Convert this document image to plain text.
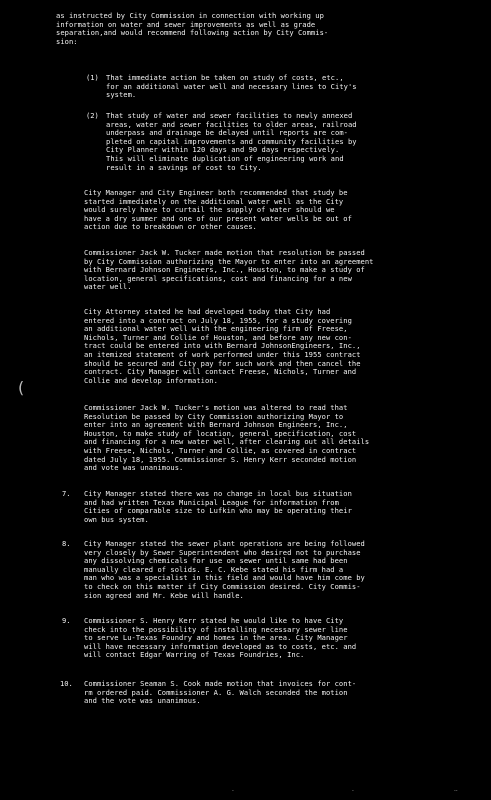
as instructed by City Commission in connection with working up
information on water and sewer improvements as well as grade
separation,and would recommend following action by City Commis-
sion:
(1) That immediate action be taken on study of costs, etc.,
for an additional water well and necessary lines to City's
system.
(2) That study of water and sewer facilities to newly annexed
areas, water and sewer facilities to older areas, railroad
underpass and drainage be delayed until reports are com-
pleted on capital improvements and community facilities by
City Planner within 120 days and 90 days respectively.
This will eliminate duplication of engineering work and
result in a savings of cost to City.
City Manager and City Engineer both recommended that study be
started immediately on the additional water well as the City
would surely have to curtail the supply of water should we
have a dry summer and one of our present water wells be out of
action due to breakdown or other causes.
Commissioner Jack W. Tucker made motion that resolution be passed
by City Commission authorizing the Mayor to enter into an agreement
with Bernard Johnson Engineers, Inc., Houston, to make a study of
location, general specifications, cost and financing for a new
water well.
City Attorney stated he had developed today that City had
entered into a contract on July 18, 1955, for a study covering
an additional water well with the engineering firm of Freese,
Nichols, Turner and Collie of Houston, and before any new con-
tract could be entered into with Bernard JohnsonEngineers, Inc.,
an itemized statement of work performed under this 1955 contract
should be secured and City pay for such work and then cancel the
contract. City Manager will contact Freese, Nichols, Turner and
Collie and develop information.
(
Commissioner Jack W. Tucker's motion was altered to read that
Resolution be passed by City Commission authorizing Mayor to
enter into an agreement with Bernard Johnson Engineers, Inc.,
Houston, to make study of location, general specification, cost
and financing for a new water well, after clearing out all details
with Freese, Nichols, Turner and Collie, as covered in contract
dated July 18, 1955. Commissioner S. Henry Kerr seconded motion
and vote was unanimous.
7. City Manager stated there was no change in local bus situation
and had written Texas Municipal League for information from
Cities of comparable size to Lufkin who may be operating their
own bus system.
8. City Manager stated the sewer plant operations are being followed
very closely by Sewer Superintendent who desired not to purchase
any dissolving chemicals for use on sewer until same had been
manually cleared of solids. E. C. Kebe stated his firm had a
man who was a specialist in this field and would have him come by
to check on this matter if City Commission desired. City Commis-
sion agreed and Mr. Kebe will handle.
9. Commissioner S. Henry Kerr stated he would like to have City
check into the possibility of installing necessary sewer line
to serve Lu-Texas Foundry and homes in the area. City Manager
will have necessary information developed as to costs, etc. and
will contact Edgar Warring of Texas Foundries, Inc.
10. Commissioner Seaman S. Cook made motion that invoices for cont-
rm ordered paid. Commissioner A. G. Walch seconded the motion
and the vote was unanimous.
·	·	··
